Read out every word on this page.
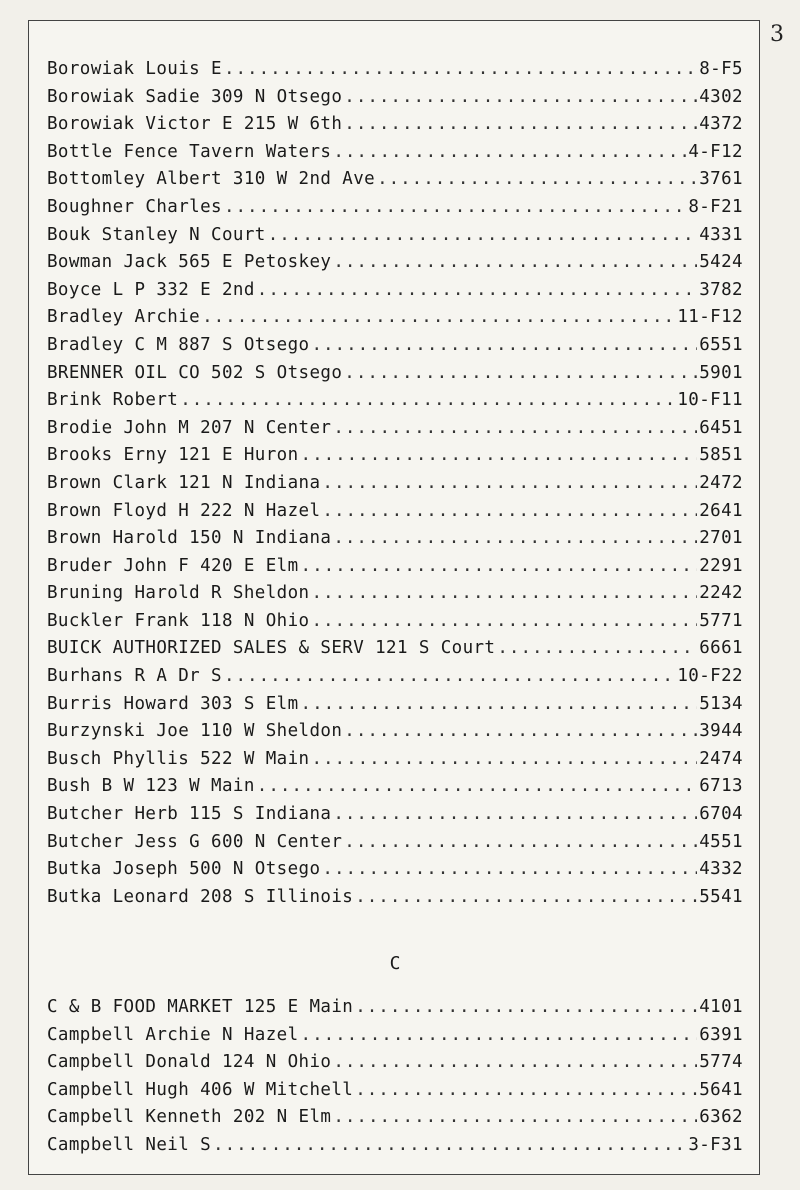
3
Borowiak Louis E .....	8-F5
Borowiak Sadie 309 N Otsego .....	4302
Borowiak Victor E 215 W 6th .....	4372
Bottle Fence Tavern Waters .....	4-F12
Bottomley Albert 310 W 2nd Ave .....	3761
Boughner Charles .....	8-F21
Bouk Stanley N Court .....	4331
Bowman Jack 565 E Petoskey .....	5424
Boyce L P 332 E 2nd .....	3782
Bradley Archie .....	11-F12
Bradley C M 887 S Otsego .....	6551
BRENNER OIL CO 502 S Otsego .....	5901
Brink Robert .....	10-F11
Brodie John M 207 N Center .....	6451
Brooks Erny 121 E Huron .....	5851
Brown Clark 121 N Indiana .....	2472
Brown Floyd H 222 N Hazel .....	2641
Brown Harold 150 N Indiana .....	2701
Bruder John F 420 E Elm .....	2291
Bruning Harold R Sheldon .....	2242
Buckler Frank 118 N Ohio .....	5771
BUICK AUTHORIZED SALES & SERV 121 S Court .....	6661
Burhans R A Dr S .....	10-F22
Burris Howard 303 S Elm .....	5134
Burzynski Joe 110 W Sheldon .....	3944
Busch Phyllis 522 W Main .....	2474
Bush B W 123 W Main .....	6713
Butcher Herb 115 S Indiana .....	6704
Butcher Jess G 600 N Center .....	4551
Butka Joseph 500 N Otsego .....	4332
Butka Leonard 208 S Illinois .....	5541
C
C & B FOOD MARKET 125 E Main .....	4101
Campbell Archie N Hazel .....	6391
Campbell Donald 124 N Ohio .....	5774
Campbell Hugh 406 W Mitchell .....	5641
Campbell Kenneth 202 N Elm .....	6362
Campbell Neil S .....	3-F31
